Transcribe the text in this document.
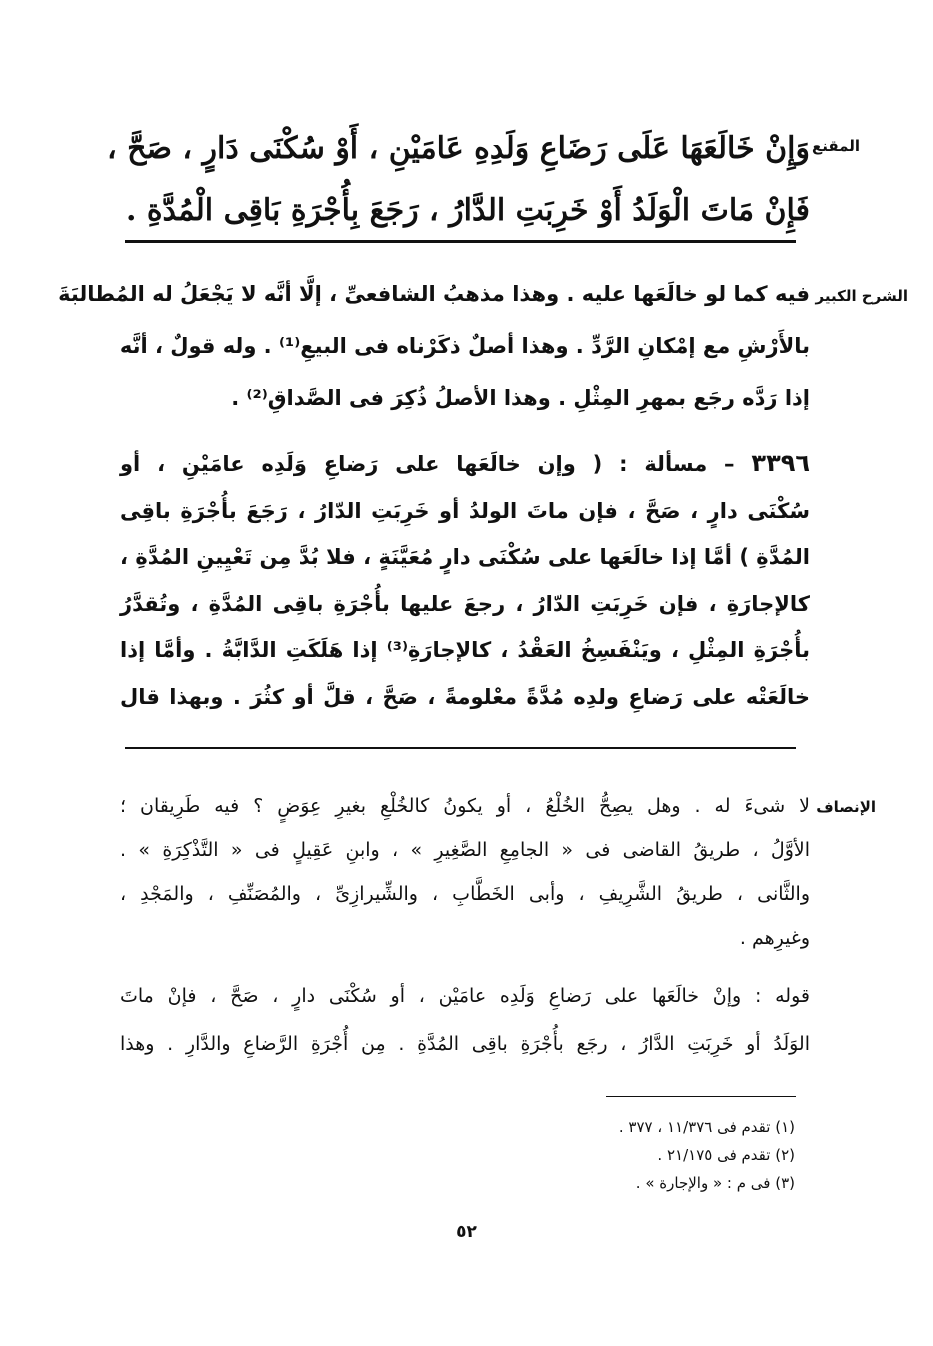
المقنع
وَإِنْ خَالَعَهَا عَلَى رَضَاعِ وَلَدِهِ عَامَيْنِ ، أَوْ سُكْنَى دَارٍ ، صَحَّ ،
فَإِنْ مَاتَ الْوَلَدُ أَوْ خَرِبَتِ الدَّارُ ، رَجَعَ بِأُجْرَةِ بَاقِى الْمُدَّةِ .
الشرح الكبير
فيه كما لو خالَعَها عليه . وهذا مذهبُ الشافعىِّ ، إلَّا أنَّه لا يَجْعَلُ له المُطالبَةَ
بالأَرْشِ مع إمْكانِ الرَّدِّ . وهذا أصلٌ ذكَرْناه فى البيعِ⁽¹⁾ . وله قولٌ ، أنَّه
إذا رَدَّه رجَع بمهرِ المِثْلِ . وهذا الأصلُ ذُكِرَ فى الصَّداقِ⁽²⁾ .
٣٣٩٦ – مسألة : ( وإن خالَعَها على رَضاعِ وَلَدِه عامَيْنِ ، أو
سُكْنَى دارٍ ، صَحَّ ، فإن ماتَ الولدُ أو خَرِبَتِ الدّارُ ، رَجَعَ بأُجْرَةِ باقِى
المُدَّةِ ) أمَّا إذا خالَعَها على سُكْنَى دارٍ مُعَيَّنَةٍ ، فلا بُدَّ مِن تَعْيِينِ المُدَّةِ ،
كالإجارَةِ ، فإن خَرِبَتِ الدّارُ ، رجعَ عليها بأُجْرَةِ باقِى المُدَّةِ ، وتُقدَّرُ
بأُجْرَةِ المِثْلِ ، ويَنْفَسِخُ العَقْدُ ، كالإجارَةِ⁽³⁾ إذا هَلَكَتِ الدَّابَّةُ . وأمَّا إذا
خالَعَتْه على رَضاعِ ولدِه مُدَّةً معْلومةً ، صَحَّ ، قلَّ أو كثُرَ . وبهذا قال
الإنصاف
لا شىءَ له . وهل يصِحُّ الخُلْعُ ، أو يكونُ كالخُلْعِ بغيرِ عِوَضٍ ؟ فيه طَرِيقان ؛
الأوَّلُ ، طريقُ القاضى فى « الجامِعِ الصَّغِيرِ » ، وابنِ عَقِيلٍ فى « التَّذْكِرَةِ » .
والثَّانى ، طريقُ الشَّرِيفِ ، وأبى الخَطَّابِ ، والشِّيرازِىِّ ، والمُصَنِّفِ ، والمَجْدِ ،
وغيرِهم .
قوله : وإنْ خالَعَها على رَضاعِ وَلَدِه عامَيْن ، أو سُكْنَى دارٍ ، صَحَّ ، فإنْ ماتَ
الوَلَدُ أو خَرِبَتِ الدَّارُ ، رجَع بأُجْرَةِ باقِى المُدَّةِ . مِن أُجْرَةِ الرَّضاعِ والدَّارِ . وهذا
(١) تقدم فى ١١/٣٧٦ ، ٣٧٧ .
(٢) تقدم فى ٢١/١٧٥ .
(٣) فى م : « والإجارة » .
٥٢
